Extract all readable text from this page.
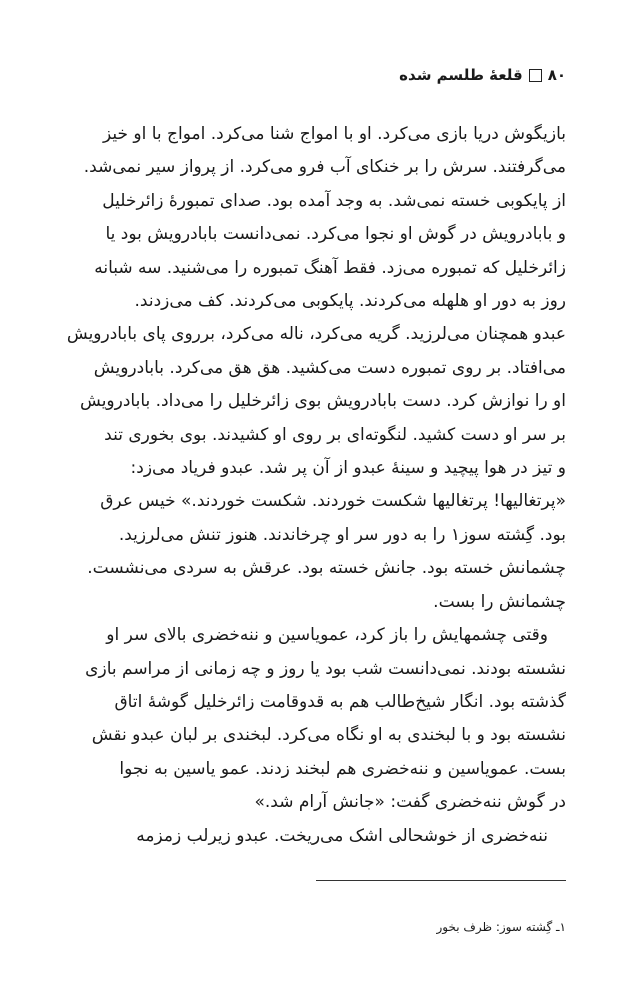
۸۰
قلعهٔ طلسم شده
بازیگوش دریا بازی می‌کرد. او با امواج شنا می‌کرد. امواج با او خیز
می‌گرفتند. سرش را بر خنکای آب فرو می‌کرد. از پرواز سیر نمی‌شد.
از پایکوبی خسته نمی‌شد. به وجد آمده بود. صدای تمبورهٔ زائرخلیل
و بابادرویش در گوش او نجوا می‌کرد. نمی‌دانست بابادرویش بود یا
زائرخلیل که تمبوره می‌زد. فقط آهنگ تمبوره را می‌شنید. سه شبانه
روز به دور او هلهله می‌کردند. پایکوبی می‌کردند. کف می‌زدند.
عبدو همچنان می‌لرزید. گریه می‌کرد، ناله می‌کرد، برروی پای بابادرویش
می‌افتاد. بر روی تمبوره دست می‌کشید. هق هق می‌کرد. بابادرویش
او را نوازش کرد. دست بابادرویش بوی زائرخلیل را می‌داد. بابادرویش
بر سر او دست کشید. لنگوته‌ای بر روی او کشیدند. بوی بخوری تند
و تیز در هوا پیچید و سینهٔ عبدو از آن پر شد. عبدو فریاد می‌زد:
«پرتغالیها! پرتغالیها شکست خوردند. شکست خوردند.» خیس عرق
بود. گِشته سوز۱ را به دور سر او چرخاندند. هنوز تنش می‌لرزید.
چشمانش خسته بود. جانش خسته بود. عرقش به سردی می‌نشست.
چشمانش را بست.
وقتی چشمهایش را باز کرد، عمویاسین و ننه‌خضری بالای سر او
نشسته بودند. نمی‌دانست شب بود یا روز و چه زمانی از مراسم بازی
گذشته بود. انگار شیخ‌طالب هم به قدوقامت زائرخلیل گوشهٔ اتاق
نشسته بود و با لبخندی به او نگاه می‌کرد. لبخندی بر لبان عبدو نقش
بست. عمویاسین و ننه‌خضری هم لبخند زدند. عمو یاسین به نجوا
در گوش ننه‌خضری گفت: «جانش آرام شد.»
ننه‌خضری از خوشحالی اشک می‌ریخت. عبدو زیرلب زمزمه
۱ـ گِشته سوز: ظرف بخور
